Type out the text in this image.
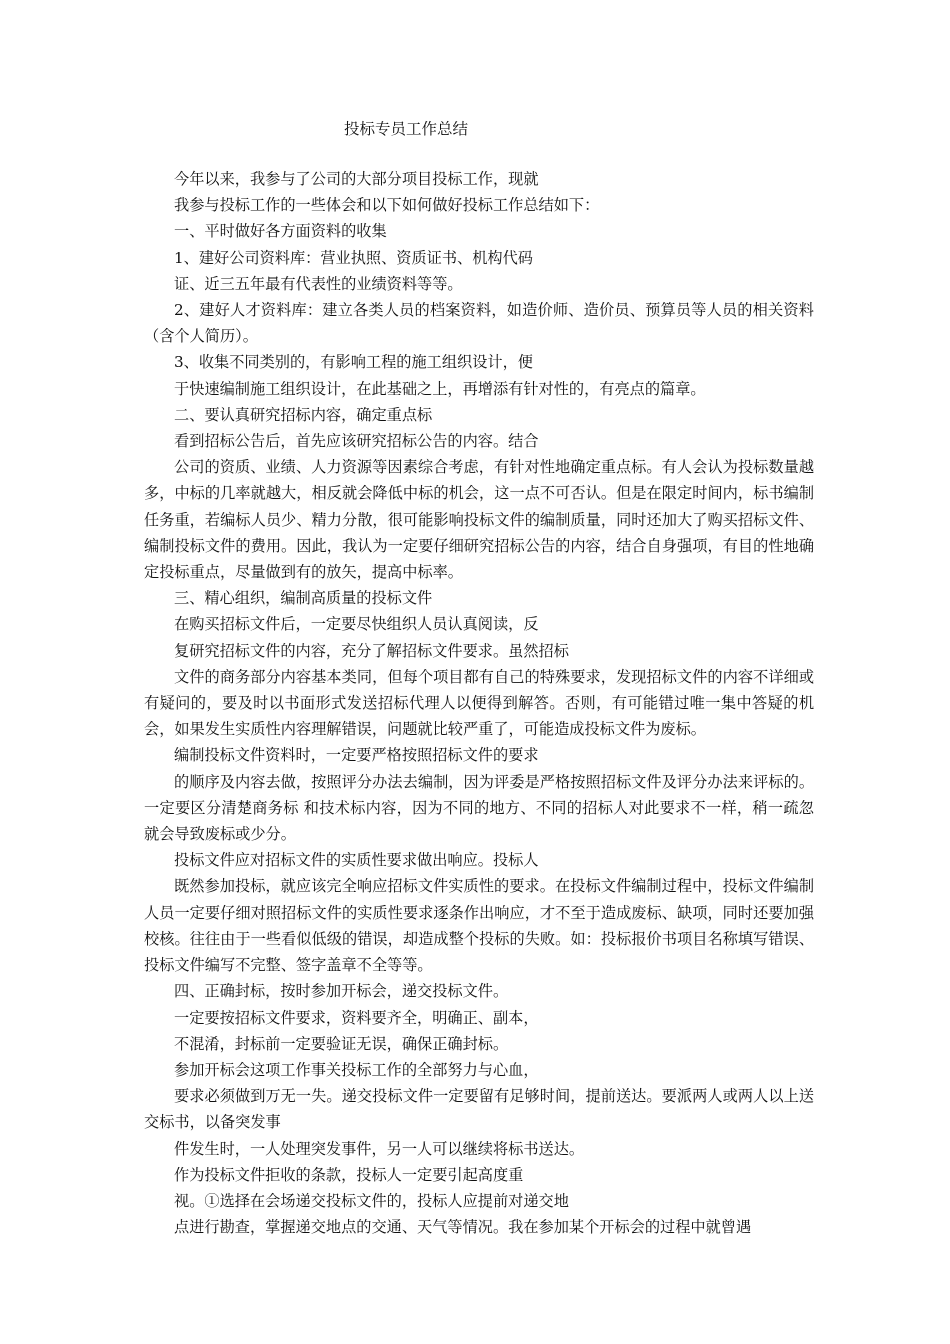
投标专员工作总结

今年以来，我参与了公司的大部分项目投标工作，现就

我参与投标工作的一些体会和以下如何做好投标工作总结如下：

一、平时做好各方面资料的收集

1、建好公司资料库：营业执照、资质证书、机构代码

证、近三五年最有代表性的业绩资料等等。

2、建好人才资料库：建立各类人员的档案资料，如造价师、造价员、预算员等人员的相关资料（含个人简历）。

3、收集不同类别的，有影响工程的施工组织设计，便

于快速编制施工组织设计，在此基础之上，再增添有针对性的，有亮点的篇章。

二、要认真研究招标内容，确定重点标

看到招标公告后，首先应该研究招标公告的内容。结合

公司的资质、业绩、人力资源等因素综合考虑，有针对性地确定重点标。有人会认为投标数量越多，中标的几率就越大，相反就会降低中标的机会，这一点不可否认。但是在限定时间内，标书编制任务重，若编标人员少、精力分散，很可能影响投标文件的编制质量，同时还加大了购买招标文件、编制投标文件的费用。因此，我认为一定要仔细研究招标公告的内容，结合自身强项，有目的性地确定投标重点，尽量做到有的放矢，提高中标率。

三、精心组织，编制高质量的投标文件

在购买招标文件后，一定要尽快组织人员认真阅读，反

复研究招标文件的内容，充分了解招标文件要求。虽然招标

文件的商务部分内容基本类同，但每个项目都有自己的特殊要求，发现招标文件的内容不详细或有疑问的，要及时以书面形式发送招标代理人以便得到解答。否则，有可能错过唯一集中答疑的机会，如果发生实质性内容理解错误，问题就比较严重了，可能造成投标文件为废标。

编制投标文件资料时，一定要严格按照招标文件的要求

的顺序及内容去做，按照评分办法去编制，因为评委是严格按照招标文件及评分办法来评标的。一定要区分清楚商务标 和技术标内容，因为不同的地方、不同的招标人对此要求不一样，稍一疏忽就会导致废标或少分。

投标文件应对招标文件的实质性要求做出响应。投标人

既然参加投标，就应该完全响应招标文件实质性的要求。在投标文件编制过程中，投标文件编制人员一定要仔细对照招标文件的实质性要求逐条作出响应，才不至于造成废标、缺项，同时还要加强校核。往往由于一些看似低级的错误，却造成整个投标的失败。如：投标报价书项目名称填写错误、投标文件编写不完整、签字盖章不全等等。

四、正确封标，按时参加开标会，递交投标文件。

一定要按招标文件要求，资料要齐全，明确正、副本，

不混淆，封标前一定要验证无误，确保正确封标。

参加开标会这项工作事关投标工作的全部努力与心血，

要求必须做到万无一失。递交投标文件一定要留有足够时间，提前送达。要派两人或两人以上送交标书，以备突发事

件发生时，一人处理突发事件，另一人可以继续将标书送达。

作为投标文件拒收的条款，投标人一定要引起高度重

视。①选择在会场递交投标文件的，投标人应提前对递交地

点进行勘查，掌握递交地点的交通、天气等情况。我在参加某个开标会的过程中就曾遇
